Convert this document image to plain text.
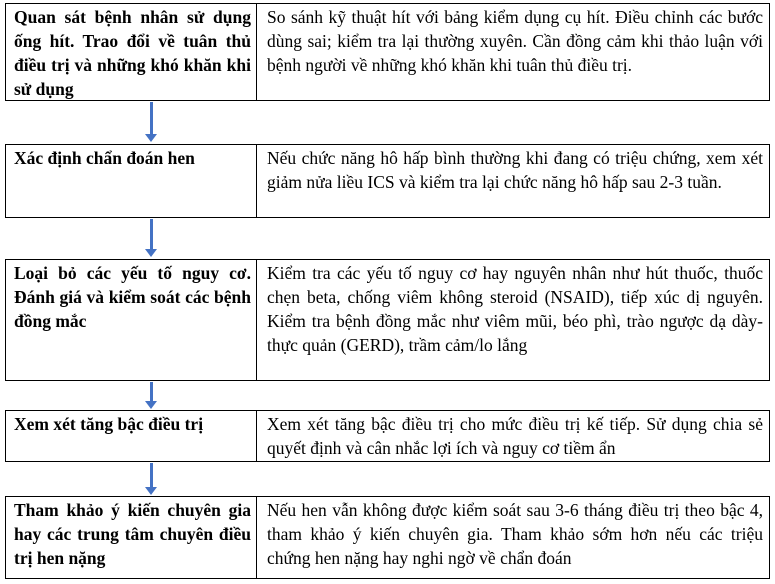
Quan sát bệnh nhân sử dụng ống hít. Trao đổi về tuân thủ điều trị và những khó khăn khi sử dụng
So sánh kỹ thuật hít với bảng kiểm dụng cụ hít. Điều chỉnh các bước dùng sai; kiểm tra lại thường xuyên. Cần đồng cảm khi thảo luận với bệnh người về những khó khăn khi tuân thủ điều trị.
Xác định chẩn đoán hen	Nếu chức năng hô hấp bình thường khi đang có triệu chứng, xem xét giảm nửa liều ICS và kiểm tra lại chức năng hô hấp sau 2-3 tuần.
Loại bỏ các yếu tố nguy cơ. Đánh giá và kiểm soát các bệnh đồng mắc
Kiểm tra các yếu tố nguy cơ hay nguyên nhân như hút thuốc, thuốc chẹn beta, chống viêm không steroid (NSAID), tiếp xúc dị nguyên. Kiểm tra bệnh đồng mắc như viêm mũi, béo phì, trào ngược dạ dày-thực quản (GERD), trầm cảm/lo lắng
Xem xét tăng bậc điều trị	Xem xét tăng bậc điều trị cho mức điều trị kế tiếp. Sử dụng chia sẻ quyết định và cân nhắc lợi ích và nguy cơ tiềm ẩn
Tham khảo ý kiến chuyên gia hay các trung tâm chuyên điều trị hen nặng
Nếu hen vẫn không được kiểm soát sau 3-6 tháng điều trị theo bậc 4, tham khảo ý kiến chuyên gia. Tham khảo sớm hơn nếu các triệu chứng hen nặng hay nghi ngờ về chẩn đoán
